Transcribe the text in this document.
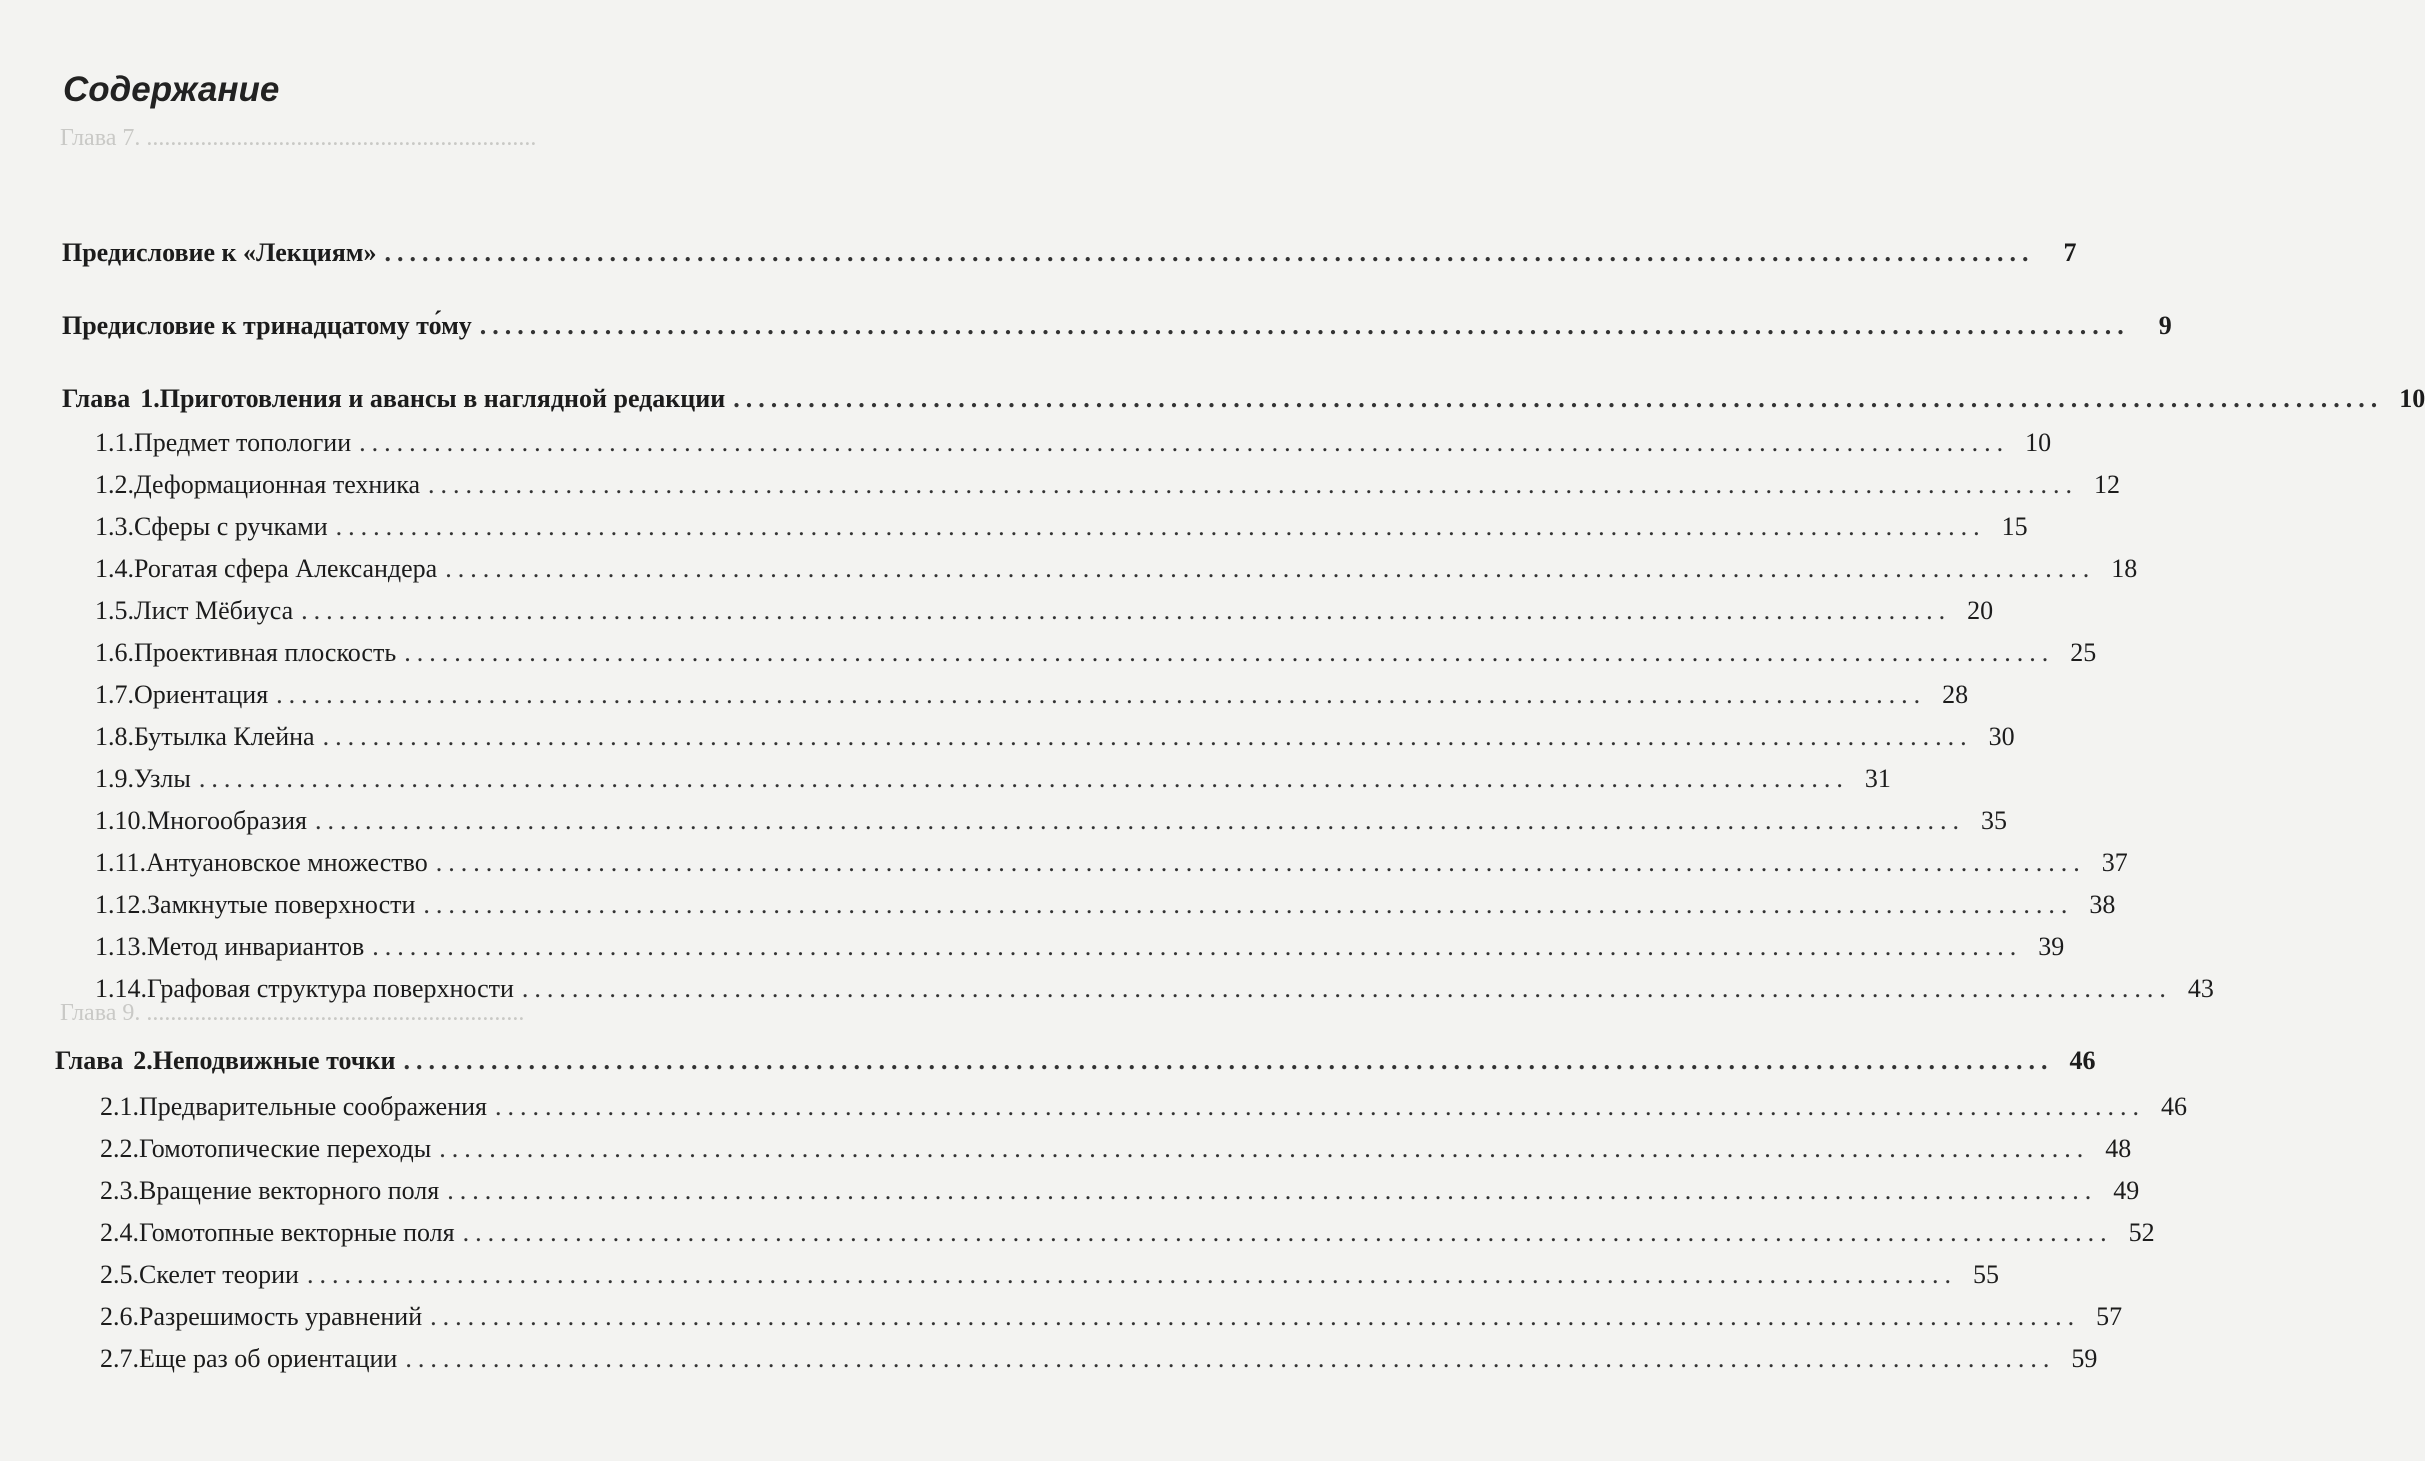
Глава 7. .................................................................
Глава 9. ...............................................................
Содержание
Предисловие к «Лекциям» ....................................................................................................................................	7
Предисловие к тринадцатому то́му ....................................................................................................................................	9
Глава 1. Приготовления и авансы в наглядной редакции .................................................................................................................................... 10
1.1. Предмет топологии .................................................................................................................................... 10
1.2. Деформационная техника .................................................................................................................................... 12
1.3. Сферы с ручками .................................................................................................................................... 15
1.4. Рогатая сфера Александера .................................................................................................................................... 18
1.5. Лист Мёбиуса .................................................................................................................................... 20
1.6. Проективная плоскость .................................................................................................................................... 25
1.7. Ориентация .................................................................................................................................... 28
1.8. Бутылка Клейна .................................................................................................................................... 30
1.9. Узлы .................................................................................................................................... 31
1.10. Многообразия .................................................................................................................................... 35
1.11. Антуановское множество .................................................................................................................................... 37
1.12. Замкнутые поверхности .................................................................................................................................... 38
1.13. Метод инвариантов .................................................................................................................................... 39
1.14. Графовая структура поверхности .................................................................................................................................... 43
Глава 2. Неподвижные точки .................................................................................................................................... 46
2.1. Предварительные соображения .................................................................................................................................... 46
2.2. Гомотопические переходы .................................................................................................................................... 48
2.3. Вращение векторного поля .................................................................................................................................... 49
2.4. Гомотопные векторные поля .................................................................................................................................... 52
2.5. Скелет теории .................................................................................................................................... 55
2.6. Разрешимость уравнений .................................................................................................................................... 57
2.7. Еще раз об ориентации .................................................................................................................................... 59
